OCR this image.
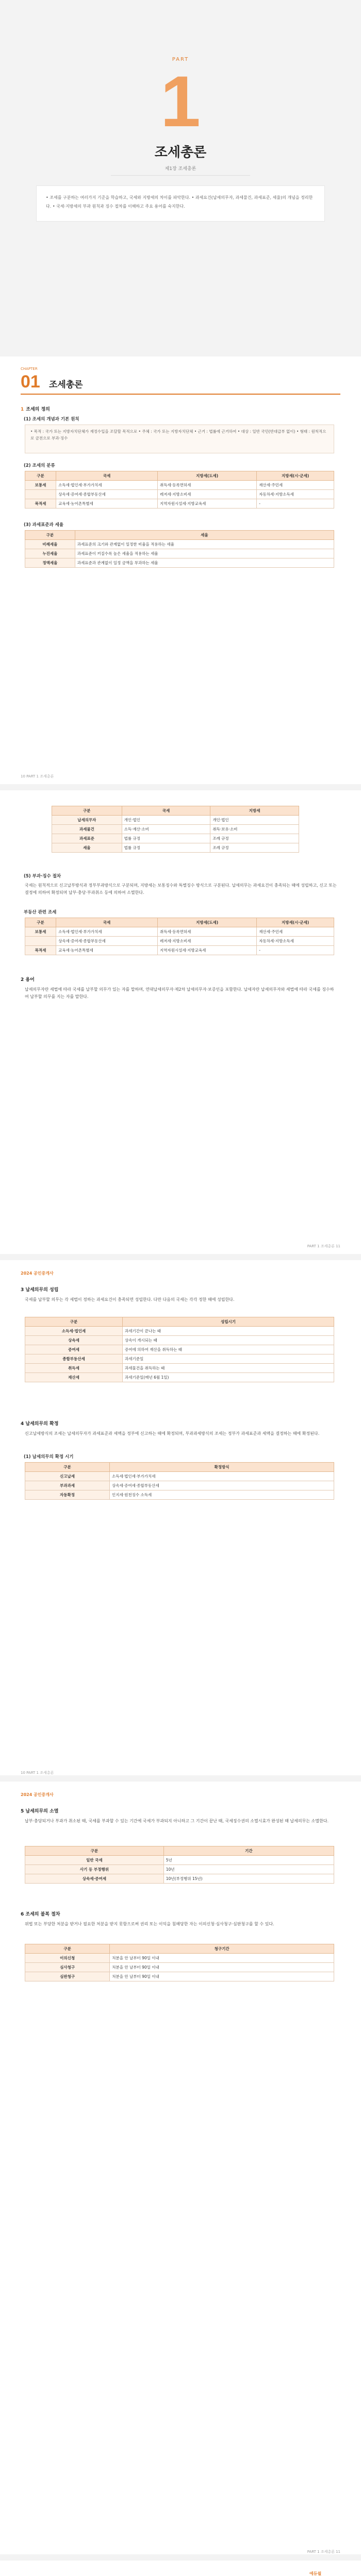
PART
1
조세총론
제1장 조세총론
• 조세를 구분하는 여러가지 기준을 학습하고, 국세와 지방세의 차이를 파악한다. • 과세요건(납세의무자, 과세물건, 과세표준, 세율)의 개념을 정리한다. • 국세·지방세의 부과 원칙과 징수 절차를 이해하고 주요 용어를 숙지한다.
CHAPTER
01 조세총론
1 조세의 정의
(1) 조세의 개념과 기본 원칙
• 목적 : 국가 또는 지방자치단체가 재정수입을 조달할 목적으로 • 주체 : 국가 또는 지방자치단체 • 근거 : 법률에 근거하여 • 대상 : 일반 국민(반대급부 없이) • 형태 : 원칙적으로 금전으로 부과·징수
(2) 조세의 분류
구분	국세	지방세(도세)	지방세(시·군세)
보통세	소득세·법인세·부가가치세	취득세·등록면허세	재산세·주민세
	상속세·증여세·종합부동산세	레저세·지방소비세	자동차세·지방소득세
목적세	교육세·농어촌특별세	지역자원시설세·지방교육세	-
(3) 과세표준과 세율
구분	세율
비례세율	과세표준의 크기와 관계없이 일정한 비율을 적용하는 세율
누진세율	과세표준이 커질수록 높은 세율을 적용하는 세율
정액세율	과세표준과 관계없이 일정 금액을 부과하는 세율
10 PART 1 조세총론
구분	국세	지방세
납세의무자	개인·법인	개인·법인
과세물건	소득·재산·소비	취득·보유·소비
과세표준	법률 규정	조례 규정
세율	법률 규정	조례 규정
(5) 부과·징수 절차
국세는 원칙적으로 신고납부방식과 정부부과방식으로 구분되며, 지방세는 보통징수와 특별징수 방식으로 구분된다. 납세의무는 과세요건이 충족되는 때에 성립하고, 신고 또는 결정에 의하여 확정되며 납부·충당·부과취소 등에 의하여 소멸한다.
부동산 관련 조세
구분	국세	지방세(도세)	지방세(시·군세)
보통세	소득세·법인세·부가가치세	취득세·등록면허세	재산세·주민세
	상속세·증여세·종합부동산세	레저세·지방소비세	자동차세·지방소득세
목적세	교육세·농어촌특별세	지역자원시설세·지방교육세	-
2 용어
납세의무자란 세법에 따라 국세를 납부할 의무가 있는 자를 말하며, 연대납세의무자·제2차 납세의무자·보증인을 포함한다. 납세자란 납세의무자와 세법에 따라 국세를 징수하여 납부할 의무를 지는 자를 말한다.
PART 1 조세총론 11
2024 공인중개사
3 납세의무의 성립
국세를 납부할 의무는 각 세법이 정하는 과세요건이 충족되면 성립한다. 다만 다음의 국세는 각각 정한 때에 성립한다.
구분	성립시기
소득세·법인세	과세기간이 끝나는 때
상속세	상속이 개시되는 때
증여세	증여에 의하여 재산을 취득하는 때
종합부동산세	과세기준일
취득세	과세물건을 취득하는 때
재산세	과세기준일(매년 6월 1일)
4 납세의무의 확정
신고납세방식의 조세는 납세의무자가 과세표준과 세액을 정부에 신고하는 때에 확정되며, 부과과세방식의 조세는 정부가 과세표준과 세액을 결정하는 때에 확정된다.
(1) 납세의무의 확정 시기
구분	확정방식
신고납세	소득세·법인세·부가가치세
부과과세	상속세·증여세·종합부동산세
자동확정	인지세·원천징수 소득세
10 PART 1 조세총론
2024 공인중개사
5 납세의무의 소멸
납부·충당되거나 부과가 취소된 때, 국세를 부과할 수 있는 기간에 국세가 부과되지 아니하고 그 기간이 끝난 때, 국세징수권의 소멸시효가 완성된 때 납세의무는 소멸한다.
구분	기간
일반 국세	5년
사기 등 부정행위	10년
상속세·증여세	10년(부정행위 15년)
6 조세의 불복 절차
위법 또는 부당한 처분을 받거나 필요한 처분을 받지 못함으로써 권리 또는 이익을 침해당한 자는 이의신청·심사청구·심판청구를 할 수 있다.
구분	청구기간
이의신청	처분을 안 날부터 90일 이내
심사청구	처분을 안 날부터 90일 이내
심판청구	처분을 안 날부터 90일 이내
PART 1 조세총론 11
에듀윌
